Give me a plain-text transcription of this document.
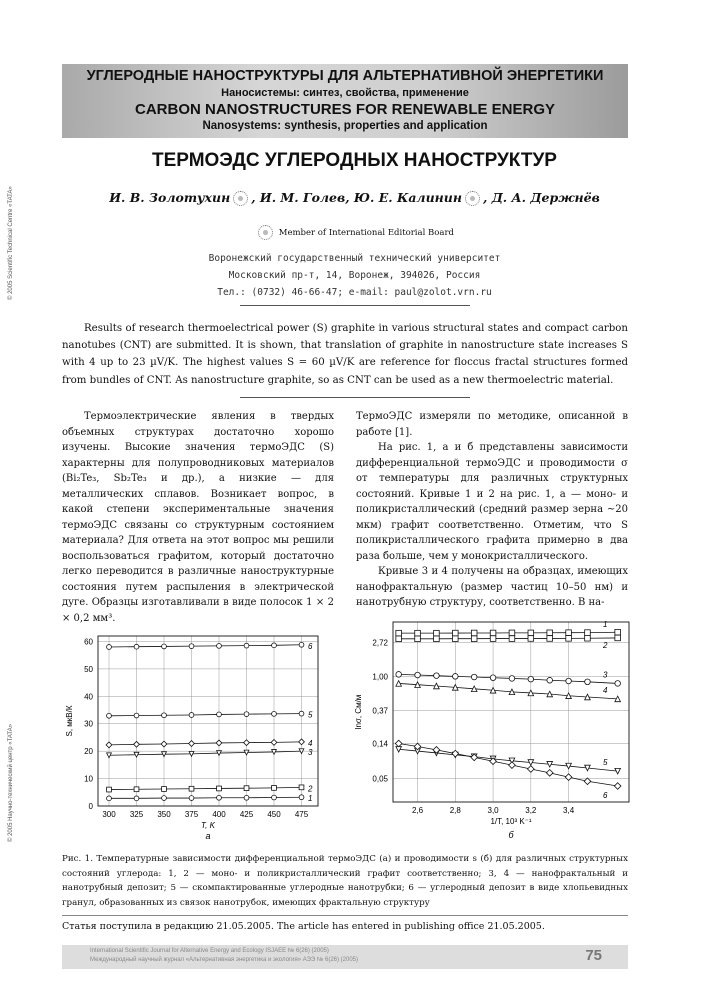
© 2005 Scientific Technical Centre «TATA»
© 2005 Научно-технический центр «TATA»
УГЛЕРОДНЫЕ НАНОСТРУКТУРЫ ДЛЯ АЛЬТЕРНАТИВНОЙ ЭНЕРГЕТИКИ
Наносистемы: синтез, свойства, применение
CARBON NANOSTRUCTURES FOR RENEWABLE ENERGY
Nanosystems: synthesis, properties and application
ТЕРМОЭДС УГЛЕРОДНЫХ НАНОСТРУКТУР
И. В. Золотухин , И. М. Голев, Ю. Е. Калинин , Д. А. Держнёв
Member of International Editorial Board
Воронежский государственный технический университет
Московский пр-т, 14, Воронеж, 394026, Россия
Тел.: (0732) 46-66-47; e-mail: paul@zolot.vrn.ru
Results of research thermoelectrical power (S) graphite in various structural states and compact carbon nanotubes (CNT) are submitted. It is shown, that translation of graphite in nanostructure state increases S with 4 up to 23 µV/K. The highest values S = 60 µV/K are reference for floccus fractal structures formed from bundles of CNT. As nanostructure graphite, so as CNT can be used as a new thermoelectric material.

Термоэлектрические явления в твердых объемных структурах достаточно хорошо изучены. Высокие значения термоЭДС (S) характерны для полупроводниковых материалов (Bi₂Te₃, Sb₂Te₃ и др.), а низкие — для металлических сплавов. Возникает вопрос, в какой степени экспериментальные значения термоЭДС связаны со структурным состоянием материала? Для ответа на этот вопрос мы решили воспользоваться графитом, который достаточно легко переводится в различные наноструктурные состояния путем распыления в электрической дуге. Образцы изготавливали в виде полосок 1 × 2 × 0,2 мм³.

ТермоЭДС измеряли по методике, описанной в работе [1].

На рис. 1, а и б представлены зависимости дифференциальной термоЭДС и проводимости σ от температуры для различных структурных состояний. Кривые 1 и 2 на рис. 1, а — моно- и поликристаллический (средний размер зерна ~20 мкм) графит соответственно. Отметим, что S поликристаллического графита примерно в два раза больше, чем у монокристаллического.

Кривые 3 и 4 получены на образцах, имеющих нанофрактальную (размер частиц 10–50 нм) и нанотрубную структуру, соответственно. В на-

0
10
20
30
40
50
60
300 325 350 375 400 425 450 475
1
2
3
4
5
6
T, K
S, мкВ/К
а
0,05
0,14
0,37
1,00
2,72
2,6	2,8	3,0	3,2	3,4
1
2
3
4
5
6
1/T, 10³ K⁻¹
lnσ, См/м
б
Рис. 1. Температурные зависимости дифференциальной термоЭДС (а) и проводимости s (б) для различных структурных состояний углерода: 1, 2 — моно- и поликристаллический графит соответственно; 3, 4 — нанофрактальный и нанотрубный депозит; 5 — скомпактированные углеродные нанотрубки; 6 — углеродный депозит в виде хлопьевидных гранул, образованных из связок нанотрубок, имеющих фрактальную структуру
Статья поступила в редакцию 21.05.2005. The article has entered in publishing office 21.05.2005.
International Scientific Journal for Alternative Energy and Ecology ISJAEE № 6(26) (2005)
Международный научный журнал «Альтернативная энергетика и экология» АЭЭ № 6(26) (2005)	75
